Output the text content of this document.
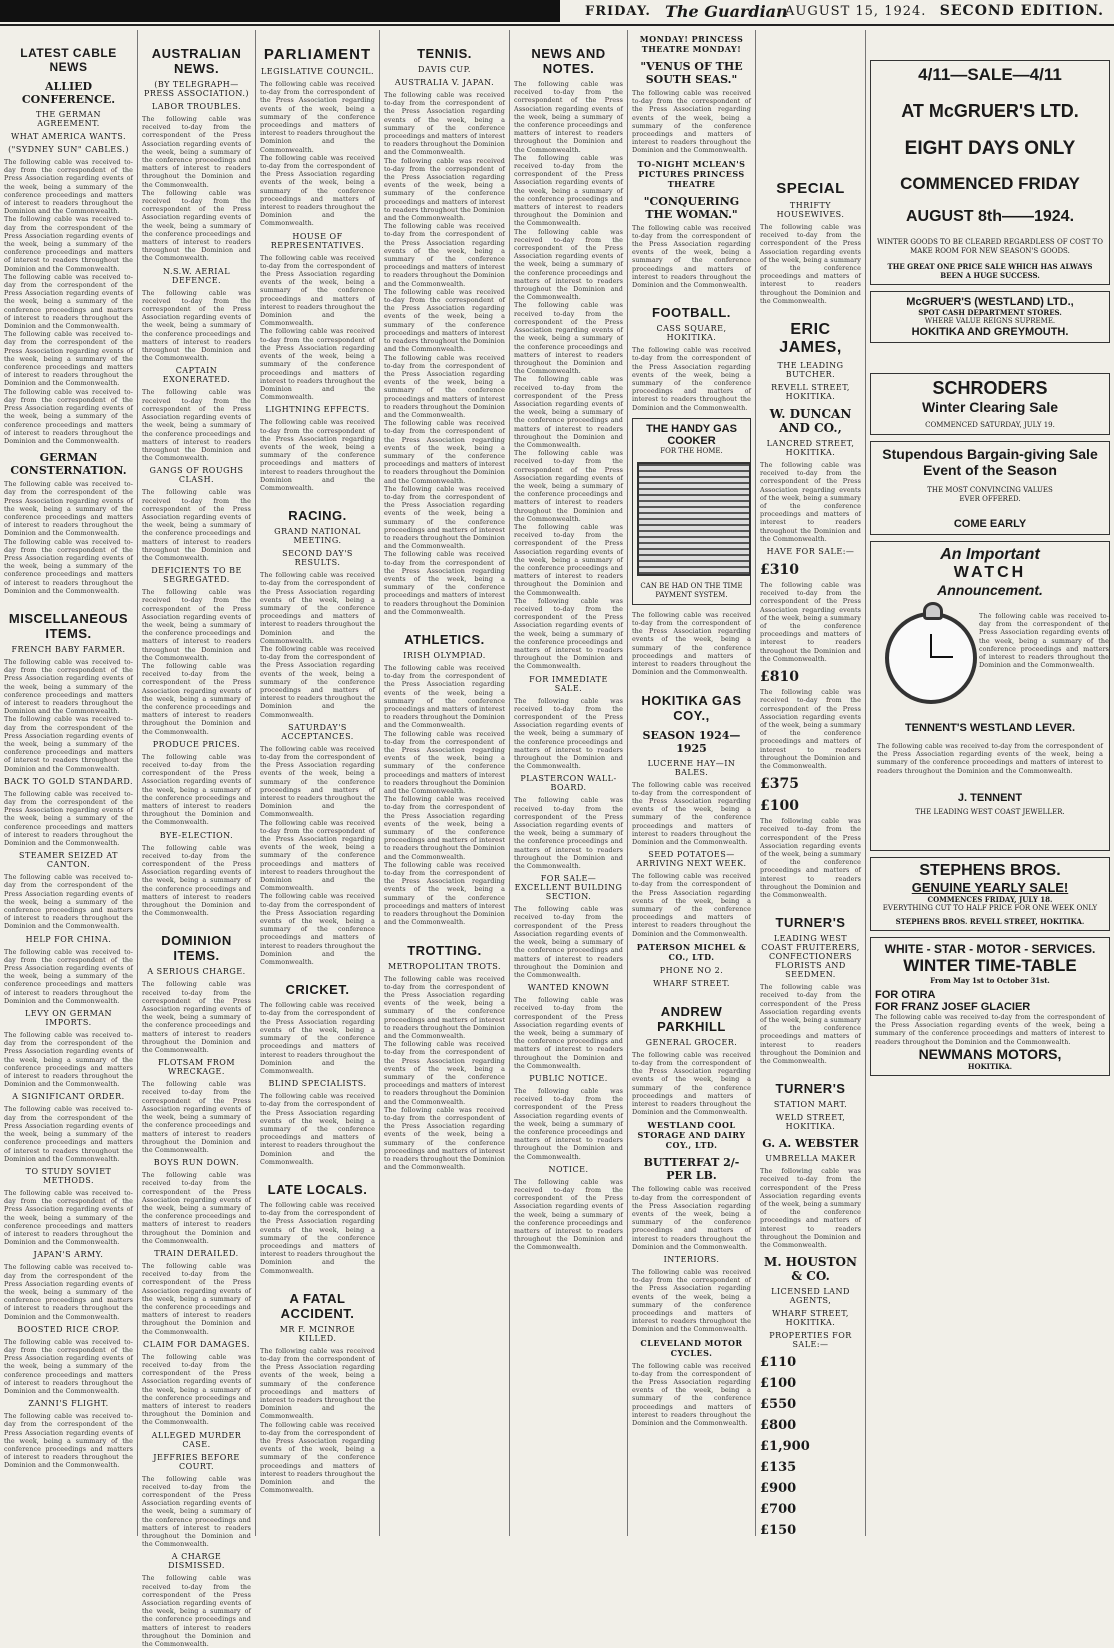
FRIDAY. The Guardian
AUGUST 15, 1924. SECOND EDITION.
LATEST CABLE NEWS
ALLIED CONFERENCE.
THE GERMAN AGREEMENT.
WHAT AMERICA WANTS.
("SYDNEY SUN" CABLES.)
The following cable was received to-day from the correspondent of the Press Association regarding events of the week, being a summary of the conference proceedings and matters of interest to readers throughout the Dominion and the Commonwealth.
The following cable was received to-day from the correspondent of the Press Association regarding events of the week, being a summary of the conference proceedings and matters of interest to readers throughout the Dominion and the Commonwealth.
The following cable was received to-day from the correspondent of the Press Association regarding events of the week, being a summary of the conference proceedings and matters of interest to readers throughout the Dominion and the Commonwealth.
The following cable was received to-day from the correspondent of the Press Association regarding events of the week, being a summary of the conference proceedings and matters of interest to readers throughout the Dominion and the Commonwealth.
The following cable was received to-day from the correspondent of the Press Association regarding events of the week, being a summary of the conference proceedings and matters of interest to readers throughout the Dominion and the Commonwealth.
GERMAN CONSTERNATION.
The following cable was received to-day from the correspondent of the Press Association regarding events of the week, being a summary of the conference proceedings and matters of interest to readers throughout the Dominion and the Commonwealth.
The following cable was received to-day from the correspondent of the Press Association regarding events of the week, being a summary of the conference proceedings and matters of interest to readers throughout the Dominion and the Commonwealth.
MISCELLANEOUS ITEMS.
FRENCH BABY FARMER.
The following cable was received to-day from the correspondent of the Press Association regarding events of the week, being a summary of the conference proceedings and matters of interest to readers throughout the Dominion and the Commonwealth.
The following cable was received to-day from the correspondent of the Press Association regarding events of the week, being a summary of the conference proceedings and matters of interest to readers throughout the Dominion and the Commonwealth.
BACK TO GOLD STANDARD.
The following cable was received to-day from the correspondent of the Press Association regarding events of the week, being a summary of the conference proceedings and matters of interest to readers throughout the Dominion and the Commonwealth.
STEAMER SEIZED AT CANTON.
The following cable was received to-day from the correspondent of the Press Association regarding events of the week, being a summary of the conference proceedings and matters of interest to readers throughout the Dominion and the Commonwealth.
HELP FOR CHINA.
The following cable was received to-day from the correspondent of the Press Association regarding events of the week, being a summary of the conference proceedings and matters of interest to readers throughout the Dominion and the Commonwealth.
LEVY ON GERMAN IMPORTS.
The following cable was received to-day from the correspondent of the Press Association regarding events of the week, being a summary of the conference proceedings and matters of interest to readers throughout the Dominion and the Commonwealth.
A SIGNIFICANT ORDER.
The following cable was received to-day from the correspondent of the Press Association regarding events of the week, being a summary of the conference proceedings and matters of interest to readers throughout the Dominion and the Commonwealth.
TO STUDY SOVIET METHODS.
The following cable was received to-day from the correspondent of the Press Association regarding events of the week, being a summary of the conference proceedings and matters of interest to readers throughout the Dominion and the Commonwealth.
JAPAN'S ARMY.
The following cable was received to-day from the correspondent of the Press Association regarding events of the week, being a summary of the conference proceedings and matters of interest to readers throughout the Dominion and the Commonwealth.
BOOSTED RICE CROP.
The following cable was received to-day from the correspondent of the Press Association regarding events of the week, being a summary of the conference proceedings and matters of interest to readers throughout the Dominion and the Commonwealth.
ZANNI'S FLIGHT.
The following cable was received to-day from the correspondent of the Press Association regarding events of the week, being a summary of the conference proceedings and matters of interest to readers throughout the Dominion and the Commonwealth.
AUSTRALIAN NEWS.
(BY TELEGRAPH—PRESS ASSOCIATION.)
LABOR TROUBLES.
The following cable was received to-day from the correspondent of the Press Association regarding events of the week, being a summary of the conference proceedings and matters of interest to readers throughout the Dominion and the Commonwealth.
The following cable was received to-day from the correspondent of the Press Association regarding events of the week, being a summary of the conference proceedings and matters of interest to readers throughout the Dominion and the Commonwealth.
N.S.W. AERIAL DEFENCE.
The following cable was received to-day from the correspondent of the Press Association regarding events of the week, being a summary of the conference proceedings and matters of interest to readers throughout the Dominion and the Commonwealth.
CAPTAIN EXONERATED.
The following cable was received to-day from the correspondent of the Press Association regarding events of the week, being a summary of the conference proceedings and matters of interest to readers throughout the Dominion and the Commonwealth.
GANGS OF ROUGHS CLASH.
The following cable was received to-day from the correspondent of the Press Association regarding events of the week, being a summary of the conference proceedings and matters of interest to readers throughout the Dominion and the Commonwealth.
DEFICIENTS TO BE SEGREGATED.
The following cable was received to-day from the correspondent of the Press Association regarding events of the week, being a summary of the conference proceedings and matters of interest to readers throughout the Dominion and the Commonwealth.
The following cable was received to-day from the correspondent of the Press Association regarding events of the week, being a summary of the conference proceedings and matters of interest to readers throughout the Dominion and the Commonwealth.
PRODUCE PRICES.
The following cable was received to-day from the correspondent of the Press Association regarding events of the week, being a summary of the conference proceedings and matters of interest to readers throughout the Dominion and the Commonwealth.
BYE-ELECTION.
The following cable was received to-day from the correspondent of the Press Association regarding events of the week, being a summary of the conference proceedings and matters of interest to readers throughout the Dominion and the Commonwealth.
DOMINION ITEMS.
A SERIOUS CHARGE.
The following cable was received to-day from the correspondent of the Press Association regarding events of the week, being a summary of the conference proceedings and matters of interest to readers throughout the Dominion and the Commonwealth.
FLOTSAM FROM WRECKAGE.
The following cable was received to-day from the correspondent of the Press Association regarding events of the week, being a summary of the conference proceedings and matters of interest to readers throughout the Dominion and the Commonwealth.
BOYS RUN DOWN.
The following cable was received to-day from the correspondent of the Press Association regarding events of the week, being a summary of the conference proceedings and matters of interest to readers throughout the Dominion and the Commonwealth.
TRAIN DERAILED.
The following cable was received to-day from the correspondent of the Press Association regarding events of the week, being a summary of the conference proceedings and matters of interest to readers throughout the Dominion and the Commonwealth.
CLAIM FOR DAMAGES.
The following cable was received to-day from the correspondent of the Press Association regarding events of the week, being a summary of the conference proceedings and matters of interest to readers throughout the Dominion and the Commonwealth.
ALLEGED MURDER CASE.
JEFFRIES BEFORE COURT.
The following cable was received to-day from the correspondent of the Press Association regarding events of the week, being a summary of the conference proceedings and matters of interest to readers throughout the Dominion and the Commonwealth.
A CHARGE DISMISSED.
The following cable was received to-day from the correspondent of the Press Association regarding events of the week, being a summary of the conference proceedings and matters of interest to readers throughout the Dominion and the Commonwealth.
PARLIAMENT
LEGISLATIVE COUNCIL.
The following cable was received to-day from the correspondent of the Press Association regarding events of the week, being a summary of the conference proceedings and matters of interest to readers throughout the Dominion and the Commonwealth.
The following cable was received to-day from the correspondent of the Press Association regarding events of the week, being a summary of the conference proceedings and matters of interest to readers throughout the Dominion and the Commonwealth.
HOUSE OF REPRESENTATIVES.
The following cable was received to-day from the correspondent of the Press Association regarding events of the week, being a summary of the conference proceedings and matters of interest to readers throughout the Dominion and the Commonwealth.
The following cable was received to-day from the correspondent of the Press Association regarding events of the week, being a summary of the conference proceedings and matters of interest to readers throughout the Dominion and the Commonwealth.
LIGHTNING EFFECTS.
The following cable was received to-day from the correspondent of the Press Association regarding events of the week, being a summary of the conference proceedings and matters of interest to readers throughout the Dominion and the Commonwealth.
RACING.
GRAND NATIONAL MEETING.
SECOND DAY'S RESULTS.
The following cable was received to-day from the correspondent of the Press Association regarding events of the week, being a summary of the conference proceedings and matters of interest to readers throughout the Dominion and the Commonwealth.
The following cable was received to-day from the correspondent of the Press Association regarding events of the week, being a summary of the conference proceedings and matters of interest to readers throughout the Dominion and the Commonwealth.
SATURDAY'S ACCEPTANCES.
The following cable was received to-day from the correspondent of the Press Association regarding events of the week, being a summary of the conference proceedings and matters of interest to readers throughout the Dominion and the Commonwealth.
The following cable was received to-day from the correspondent of the Press Association regarding events of the week, being a summary of the conference proceedings and matters of interest to readers throughout the Dominion and the Commonwealth.
The following cable was received to-day from the correspondent of the Press Association regarding events of the week, being a summary of the conference proceedings and matters of interest to readers throughout the Dominion and the Commonwealth.
CRICKET.
The following cable was received to-day from the correspondent of the Press Association regarding events of the week, being a summary of the conference proceedings and matters of interest to readers throughout the Dominion and the Commonwealth.
BLIND SPECIALISTS.
The following cable was received to-day from the correspondent of the Press Association regarding events of the week, being a summary of the conference proceedings and matters of interest to readers throughout the Dominion and the Commonwealth.
LATE LOCALS.
The following cable was received to-day from the correspondent of the Press Association regarding events of the week, being a summary of the conference proceedings and matters of interest to readers throughout the Dominion and the Commonwealth.
A FATAL ACCIDENT.
MR F. MCINROE KILLED.
The following cable was received to-day from the correspondent of the Press Association regarding events of the week, being a summary of the conference proceedings and matters of interest to readers throughout the Dominion and the Commonwealth.
The following cable was received to-day from the correspondent of the Press Association regarding events of the week, being a summary of the conference proceedings and matters of interest to readers throughout the Dominion and the Commonwealth.
TENNIS.
DAVIS CUP.
AUSTRALIA V. JAPAN.
The following cable was received to-day from the correspondent of the Press Association regarding events of the week, being a summary of the conference proceedings and matters of interest to readers throughout the Dominion and the Commonwealth.
The following cable was received to-day from the correspondent of the Press Association regarding events of the week, being a summary of the conference proceedings and matters of interest to readers throughout the Dominion and the Commonwealth.
The following cable was received to-day from the correspondent of the Press Association regarding events of the week, being a summary of the conference proceedings and matters of interest to readers throughout the Dominion and the Commonwealth.
The following cable was received to-day from the correspondent of the Press Association regarding events of the week, being a summary of the conference proceedings and matters of interest to readers throughout the Dominion and the Commonwealth.
The following cable was received to-day from the correspondent of the Press Association regarding events of the week, being a summary of the conference proceedings and matters of interest to readers throughout the Dominion and the Commonwealth.
The following cable was received to-day from the correspondent of the Press Association regarding events of the week, being a summary of the conference proceedings and matters of interest to readers throughout the Dominion and the Commonwealth.
The following cable was received to-day from the correspondent of the Press Association regarding events of the week, being a summary of the conference proceedings and matters of interest to readers throughout the Dominion and the Commonwealth.
The following cable was received to-day from the correspondent of the Press Association regarding events of the week, being a summary of the conference proceedings and matters of interest to readers throughout the Dominion and the Commonwealth.
ATHLETICS.
IRISH OLYMPIAD.
The following cable was received to-day from the correspondent of the Press Association regarding events of the week, being a summary of the conference proceedings and matters of interest to readers throughout the Dominion and the Commonwealth.
The following cable was received to-day from the correspondent of the Press Association regarding events of the week, being a summary of the conference proceedings and matters of interest to readers throughout the Dominion and the Commonwealth.
The following cable was received to-day from the correspondent of the Press Association regarding events of the week, being a summary of the conference proceedings and matters of interest to readers throughout the Dominion and the Commonwealth.
The following cable was received to-day from the correspondent of the Press Association regarding events of the week, being a summary of the conference proceedings and matters of interest to readers throughout the Dominion and the Commonwealth.
TROTTING.
METROPOLITAN TROTS.
The following cable was received to-day from the correspondent of the Press Association regarding events of the week, being a summary of the conference proceedings and matters of interest to readers throughout the Dominion and the Commonwealth.
The following cable was received to-day from the correspondent of the Press Association regarding events of the week, being a summary of the conference proceedings and matters of interest to readers throughout the Dominion and the Commonwealth.
The following cable was received to-day from the correspondent of the Press Association regarding events of the week, being a summary of the conference proceedings and matters of interest to readers throughout the Dominion and the Commonwealth.
NEWS AND NOTES.
The following cable was received to-day from the correspondent of the Press Association regarding events of the week, being a summary of the conference proceedings and matters of interest to readers throughout the Dominion and the Commonwealth.
The following cable was received to-day from the correspondent of the Press Association regarding events of the week, being a summary of the conference proceedings and matters of interest to readers throughout the Dominion and the Commonwealth.
The following cable was received to-day from the correspondent of the Press Association regarding events of the week, being a summary of the conference proceedings and matters of interest to readers throughout the Dominion and the Commonwealth.
The following cable was received to-day from the correspondent of the Press Association regarding events of the week, being a summary of the conference proceedings and matters of interest to readers throughout the Dominion and the Commonwealth.
The following cable was received to-day from the correspondent of the Press Association regarding events of the week, being a summary of the conference proceedings and matters of interest to readers throughout the Dominion and the Commonwealth.
The following cable was received to-day from the correspondent of the Press Association regarding events of the week, being a summary of the conference proceedings and matters of interest to readers throughout the Dominion and the Commonwealth.
The following cable was received to-day from the correspondent of the Press Association regarding events of the week, being a summary of the conference proceedings and matters of interest to readers throughout the Dominion and the Commonwealth.
The following cable was received to-day from the correspondent of the Press Association regarding events of the week, being a summary of the conference proceedings and matters of interest to readers throughout the Dominion and the Commonwealth.
FOR IMMEDIATE SALE.
The following cable was received to-day from the correspondent of the Press Association regarding events of the week, being a summary of the conference proceedings and matters of interest to readers throughout the Dominion and the Commonwealth.
PLASTERCON WALL-BOARD.
The following cable was received to-day from the correspondent of the Press Association regarding events of the week, being a summary of the conference proceedings and matters of interest to readers throughout the Dominion and the Commonwealth.
FOR SALE—EXCELLENT BUILDING SECTION.
The following cable was received to-day from the correspondent of the Press Association regarding events of the week, being a summary of the conference proceedings and matters of interest to readers throughout the Dominion and the Commonwealth.
WANTED KNOWN
The following cable was received to-day from the correspondent of the Press Association regarding events of the week, being a summary of the conference proceedings and matters of interest to readers throughout the Dominion and the Commonwealth.
PUBLIC NOTICE.
The following cable was received to-day from the correspondent of the Press Association regarding events of the week, being a summary of the conference proceedings and matters of interest to readers throughout the Dominion and the Commonwealth.
NOTICE.
The following cable was received to-day from the correspondent of the Press Association regarding events of the week, being a summary of the conference proceedings and matters of interest to readers throughout the Dominion and the Commonwealth.
MONDAY! PRINCESS THEATRE MONDAY!
"VENUS OF THE SOUTH SEAS."
The following cable was received to-day from the correspondent of the Press Association regarding events of the week, being a summary of the conference proceedings and matters of interest to readers throughout the Dominion and the Commonwealth.
TO-NIGHT MCLEAN'S PICTURES PRINCESS THEATRE
"CONQUERING THE WOMAN."
The following cable was received to-day from the correspondent of the Press Association regarding events of the week, being a summary of the conference proceedings and matters of interest to readers throughout the Dominion and the Commonwealth.
FOOTBALL.
CASS SQUARE, HOKITIKA.
The following cable was received to-day from the correspondent of the Press Association regarding events of the week, being a summary of the conference proceedings and matters of interest to readers throughout the Dominion and the Commonwealth.
THE HANDY GAS COOKER
FOR THE HOME.
CAN BE HAD ON THE TIME PAYMENT SYSTEM.
The following cable was received to-day from the correspondent of the Press Association regarding events of the week, being a summary of the conference proceedings and matters of interest to readers throughout the Dominion and the Commonwealth.
HOKITIKA GAS COY.,
SEASON 1924—1925
LUCERNE HAY—IN BALES.
The following cable was received to-day from the correspondent of the Press Association regarding events of the week, being a summary of the conference proceedings and matters of interest to readers throughout the Dominion and the Commonwealth.
SEED POTATOES—ARRIVING NEXT WEEK.
The following cable was received to-day from the correspondent of the Press Association regarding events of the week, being a summary of the conference proceedings and matters of interest to readers throughout the Dominion and the Commonwealth.
PATERSON MICHEL & CO., LTD.
PHONE NO 2.
WHARF STREET.
ANDREW PARKHILL
GENERAL GROCER.
The following cable was received to-day from the correspondent of the Press Association regarding events of the week, being a summary of the conference proceedings and matters of interest to readers throughout the Dominion and the Commonwealth.
WESTLAND COOL STORAGE AND DAIRY COY., LTD.
BUTTERFAT 2/- PER LB.
The following cable was received to-day from the correspondent of the Press Association regarding events of the week, being a summary of the conference proceedings and matters of interest to readers throughout the Dominion and the Commonwealth.
INTERIORS.
The following cable was received to-day from the correspondent of the Press Association regarding events of the week, being a summary of the conference proceedings and matters of interest to readers throughout the Dominion and the Commonwealth.
CLEVELAND MOTOR CYCLES.
The following cable was received to-day from the correspondent of the Press Association regarding events of the week, being a summary of the conference proceedings and matters of interest to readers throughout the Dominion and the Commonwealth.
SPECIAL
THRIFTY HOUSEWIVES.
The following cable was received to-day from the correspondent of the Press Association regarding events of the week, being a summary of the conference proceedings and matters of interest to readers throughout the Dominion and the Commonwealth.
ERIC JAMES,
THE LEADING BUTCHER.
REVELL STREET, HOKITIKA.
W. DUNCAN AND CO.,
LANCRED STREET, HOKITIKA.
The following cable was received to-day from the correspondent of the Press Association regarding events of the week, being a summary of the conference proceedings and matters of interest to readers throughout the Dominion and the Commonwealth.
HAVE FOR SALE:—
£310
The following cable was received to-day from the correspondent of the Press Association regarding events of the week, being a summary of the conference proceedings and matters of interest to readers throughout the Dominion and the Commonwealth.
£810
The following cable was received to-day from the correspondent of the Press Association regarding events of the week, being a summary of the conference proceedings and matters of interest to readers throughout the Dominion and the Commonwealth.
£375
£100
The following cable was received to-day from the correspondent of the Press Association regarding events of the week, being a summary of the conference proceedings and matters of interest to readers throughout the Dominion and the Commonwealth.
TURNER'S
LEADING WEST COAST FRUITERERS, CONFECTIONERS FLORISTS AND SEEDMEN.
The following cable was received to-day from the correspondent of the Press Association regarding events of the week, being a summary of the conference proceedings and matters of interest to readers throughout the Dominion and the Commonwealth.
TURNER'S
STATION MART.
WELD STREET, HOKITIKA.
G. A. WEBSTER
UMBRELLA MAKER
The following cable was received to-day from the correspondent of the Press Association regarding events of the week, being a summary of the conference proceedings and matters of interest to readers throughout the Dominion and the Commonwealth.
M. HOUSTON & CO.
LICENSED LAND AGENTS,
WHARF STREET, HOKITIKA.
PROPERTIES FOR SALE:—
£110
£100
£550
£800
£1,900
£135
£900
£700
£150
4/11—SALE—4/11
AT McGRUER'S LTD.
EIGHT DAYS ONLY
COMMENCED FRIDAY
AUGUST 8th——1924.
WINTER GOODS TO BE CLEARED REGARDLESS OF COST TO MAKE ROOM FOR NEW SEASON'S GOODS.
THE GREAT ONE PRICE SALE WHICH HAS ALWAYS BEEN A HUGE SUCCESS.
McGRUER'S (WESTLAND) LTD.,
SPOT CASH DEPARTMENT STORES.
WHERE VALUE REIGNS SUPREME.
HOKITIKA AND GREYMOUTH.
SCHRODERS
Winter Clearing Sale
COMMENCED SATURDAY, JULY 19.
Stupendous Bargain-giving Sale
Event of the Season
THE MOST CONVINCING VALUES
EVER OFFERED.
COME EARLY
An Important
WATCH
Announcement.
The following cable was received to-day from the correspondent of the Press Association regarding events of the week, being a summary of the conference proceedings and matters of interest to readers throughout the Dominion and the Commonwealth.
TENNENT'S WESTLAND LEVER.
The following cable was received to-day from the correspondent of the Press Association regarding events of the week, being a summary of the conference proceedings and matters of interest to readers throughout the Dominion and the Commonwealth.
J. TENNENT
THE LEADING WEST COAST JEWELLER.
STEPHENS BROS.
GENUINE YEARLY SALE!
COMMENCES FRIDAY, JULY 18.
EVERYTHING CUT TO HALF PRICE FOR ONE WEEK ONLY
STEPHENS BROS. REVELL STREET, HOKITIKA.
WHITE - STAR - MOTOR - SERVICES.
WINTER TIME-TABLE
From May 1st to October 31st.
FOR OTIRA
FOR FRANZ JOSEF GLACIER
The following cable was received to-day from the correspondent of the Press Association regarding events of the week, being a summary of the conference proceedings and matters of interest to readers throughout the Dominion and the Commonwealth.
NEWMANS MOTORS,
HOKITIKA.
